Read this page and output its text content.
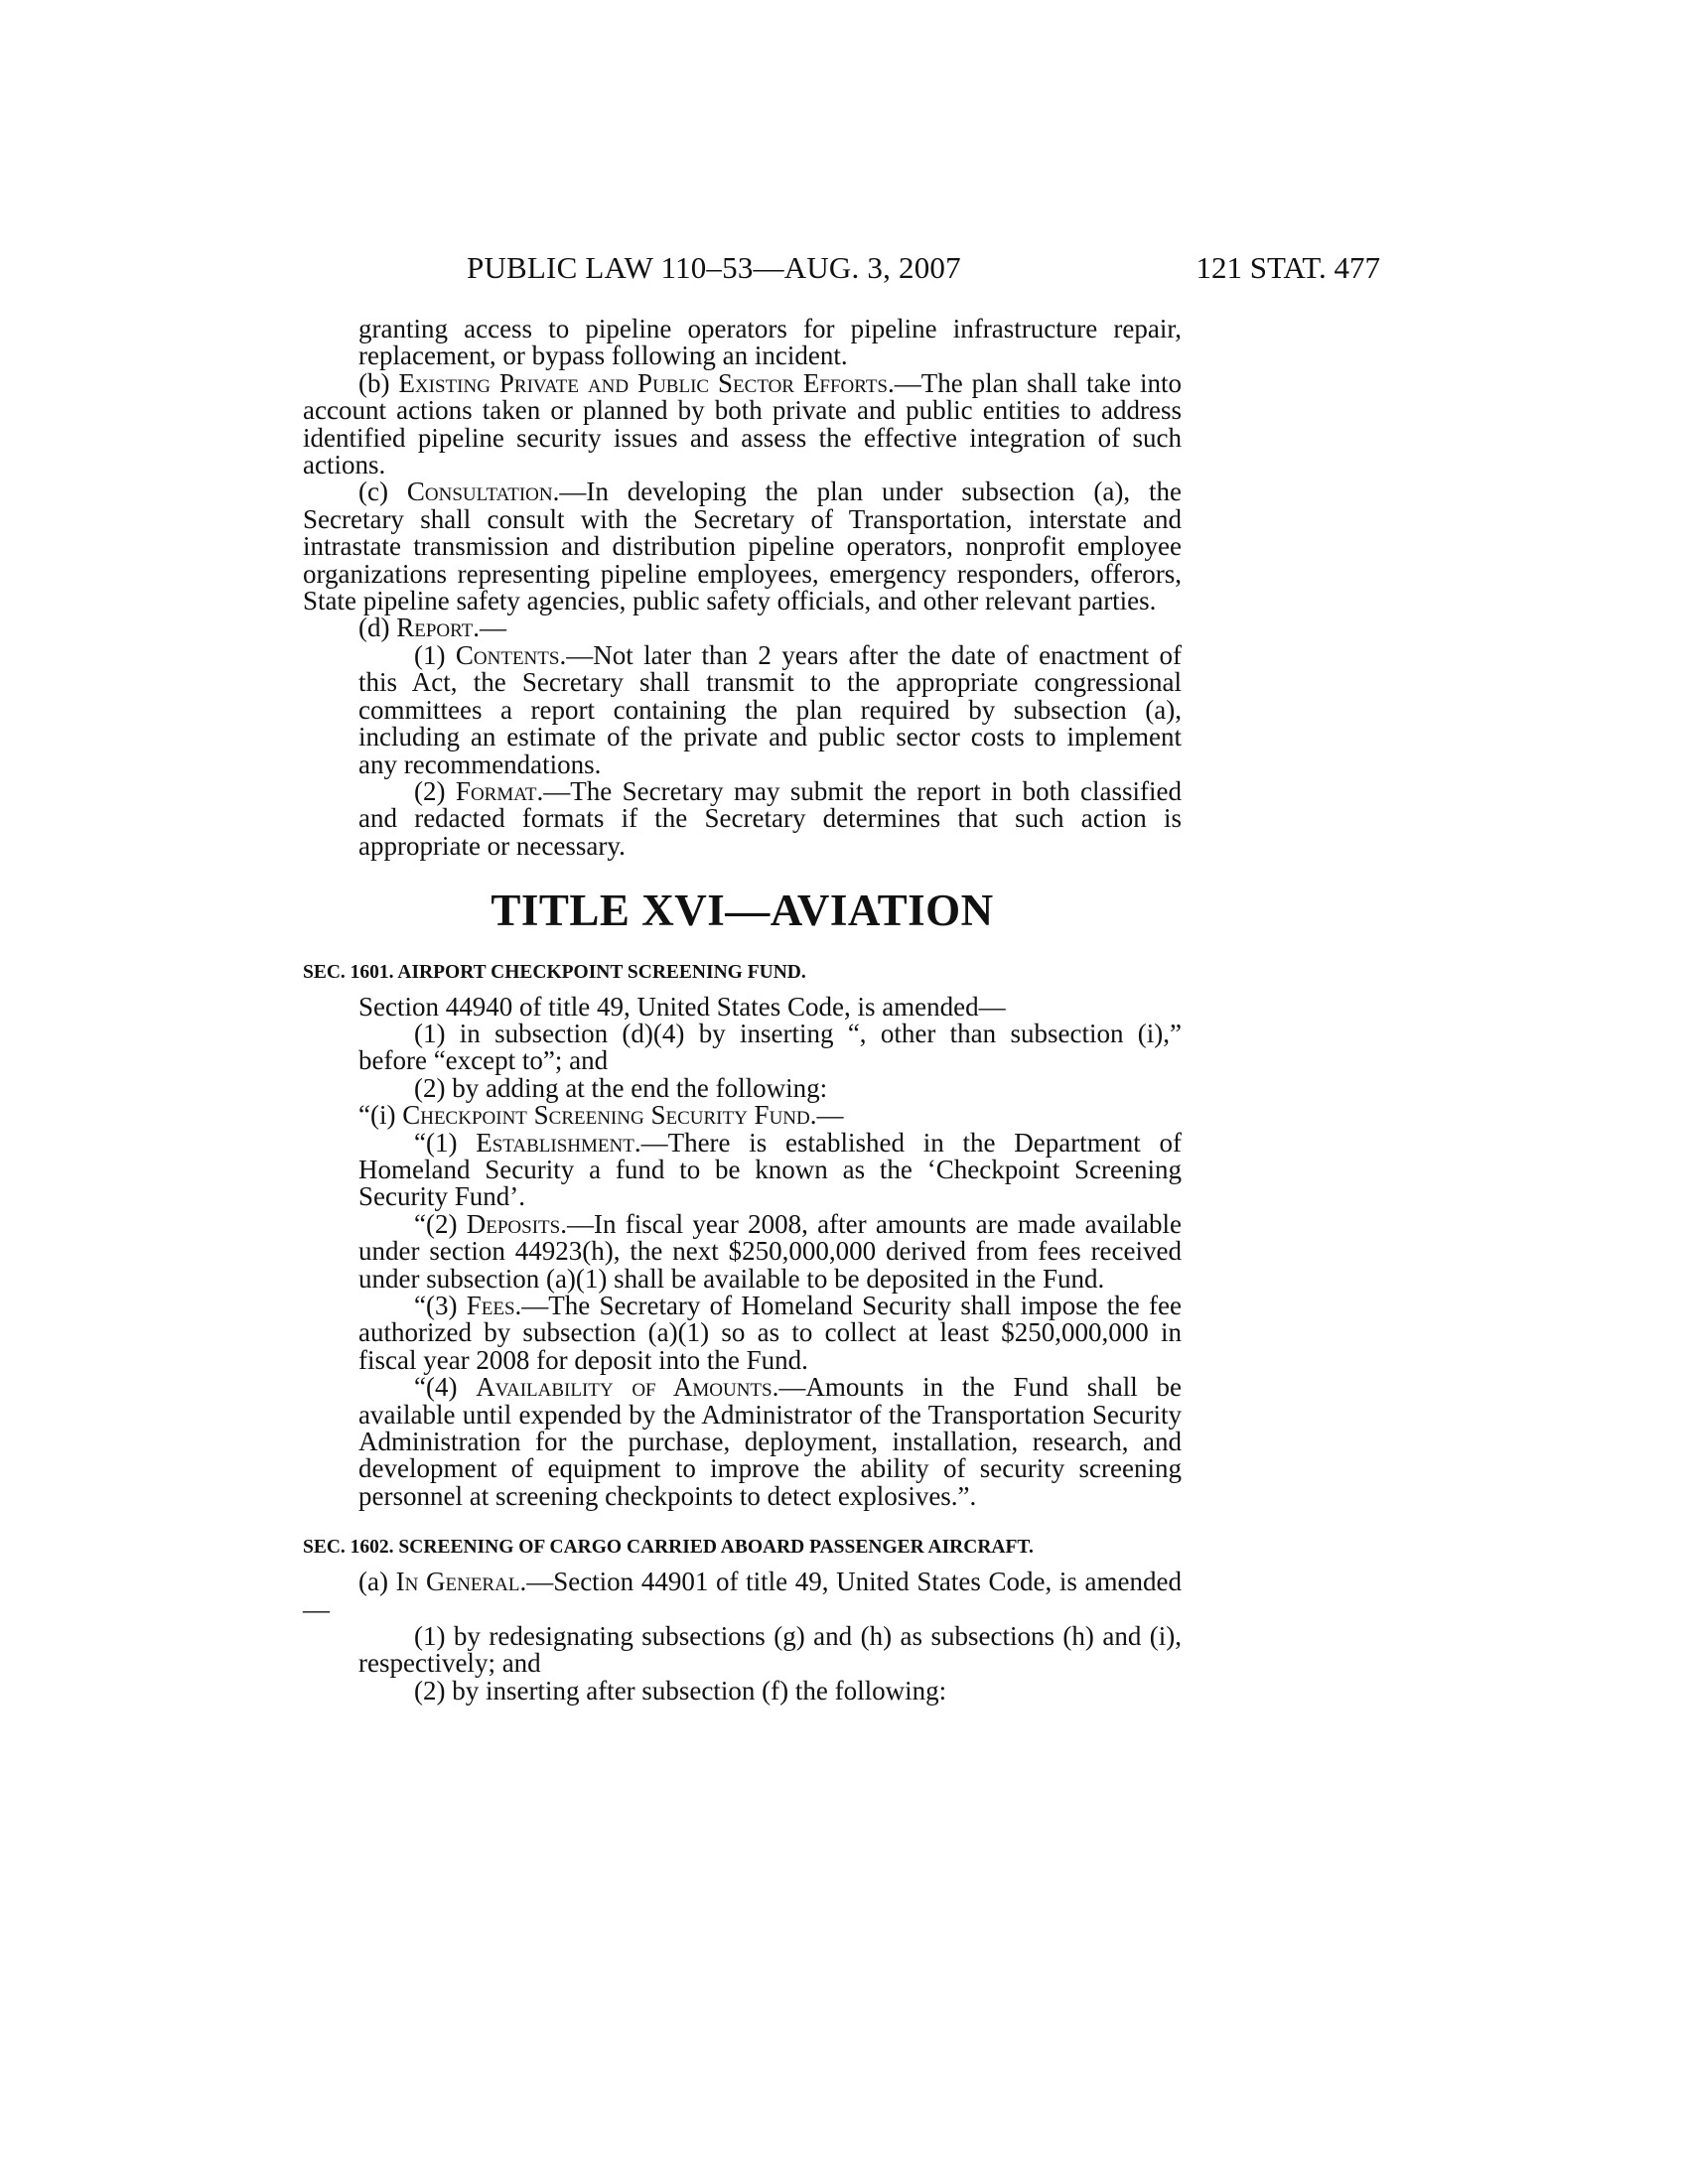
PUBLIC LAW 110–53—AUG. 3, 2007	121 STAT. 477

granting access to pipeline operators for pipeline infrastructure repair, replacement, or bypass following an incident.

(b) Existing Private and Public Sector Efforts.—The plan shall take into account actions taken or planned by both private and public entities to address identified pipeline security issues and assess the effective integration of such actions.

(c) Consultation.—In developing the plan under subsection (a), the Secretary shall consult with the Secretary of Transportation, interstate and intrastate transmission and distribution pipeline operators, nonprofit employee organizations representing pipeline employees, emergency responders, offerors, State pipeline safety agencies, public safety officials, and other relevant parties.

(d) Report.—

(1) Contents.—Not later than 2 years after the date of enactment of this Act, the Secretary shall transmit to the appropriate congressional committees a report containing the plan required by subsection (a), including an estimate of the private and public sector costs to implement any recommendations.

(2) Format.—The Secretary may submit the report in both classified and redacted formats if the Secretary determines that such action is appropriate or necessary.

TITLE XVI—AVIATION
SEC. 1601. AIRPORT CHECKPOINT SCREENING FUND.

Section 44940 of title 49, United States Code, is amended—

(1) in subsection (d)(4) by inserting “, other than subsection (i),” before “except to”; and

(2) by adding at the end the following:

“(i) Checkpoint Screening Security Fund.—

“(1) Establishment.—There is established in the Department of Homeland Security a fund to be known as the ‘Checkpoint Screening Security Fund’.

“(2) Deposits.—In fiscal year 2008, after amounts are made available under section 44923(h), the next $250,000,000 derived from fees received under subsection (a)(1) shall be available to be deposited in the Fund.

“(3) Fees.—The Secretary of Homeland Security shall impose the fee authorized by subsection (a)(1) so as to collect at least $250,000,000 in fiscal year 2008 for deposit into the Fund.

“(4) Availability of Amounts.—Amounts in the Fund shall be available until expended by the Administrator of the Transportation Security Administration for the purchase, deployment, installation, research, and development of equipment to improve the ability of security screening personnel at screening checkpoints to detect explosives.”.

SEC. 1602. SCREENING OF CARGO CARRIED ABOARD PASSENGER AIRCRAFT.

(a) In General.—Section 44901 of title 49, United States Code, is amended—

(1) by redesignating subsections (g) and (h) as subsections (h) and (i), respectively; and

(2) by inserting after subsection (f) the following:
